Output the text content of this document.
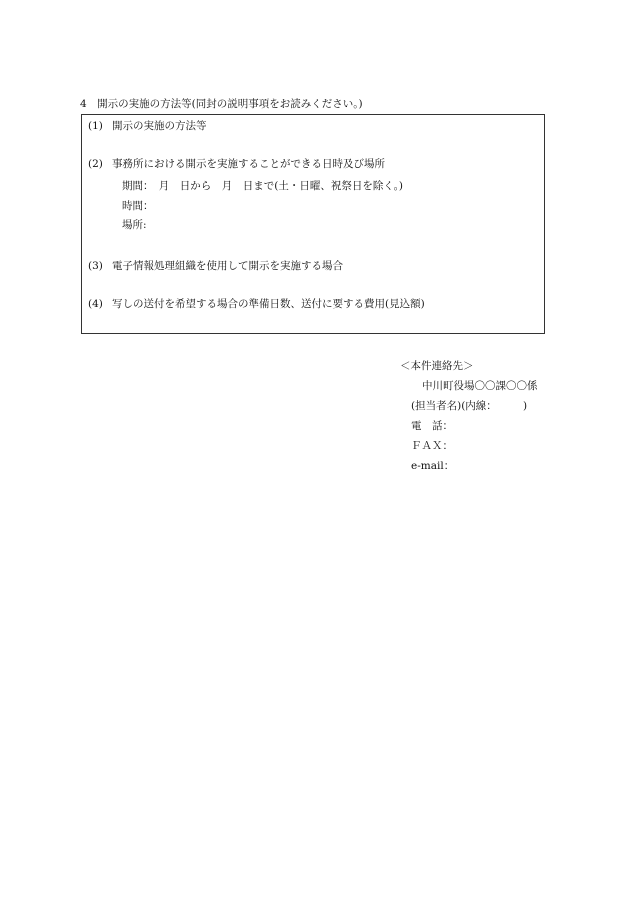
4　開示の実施の方法等(同封の説明事項をお読みください。)
(1) 開示の実施の方法等
(2) 事務所における開示を実施することができる日時及び場所
期間：　月　日から　月　日まで(土・日曜、祝祭日を除く。)
時間：
場所:
(3) 電子情報処理組織を使用して開示を実施する場合
(4) 写しの送付を希望する場合の準備日数、送付に要する費用(見込額)
＜本件連絡先＞
中川町役場〇〇課〇〇係
(担当者名)(内線：　　　)
電　話：
ＦＡＸ：
e-mail：
